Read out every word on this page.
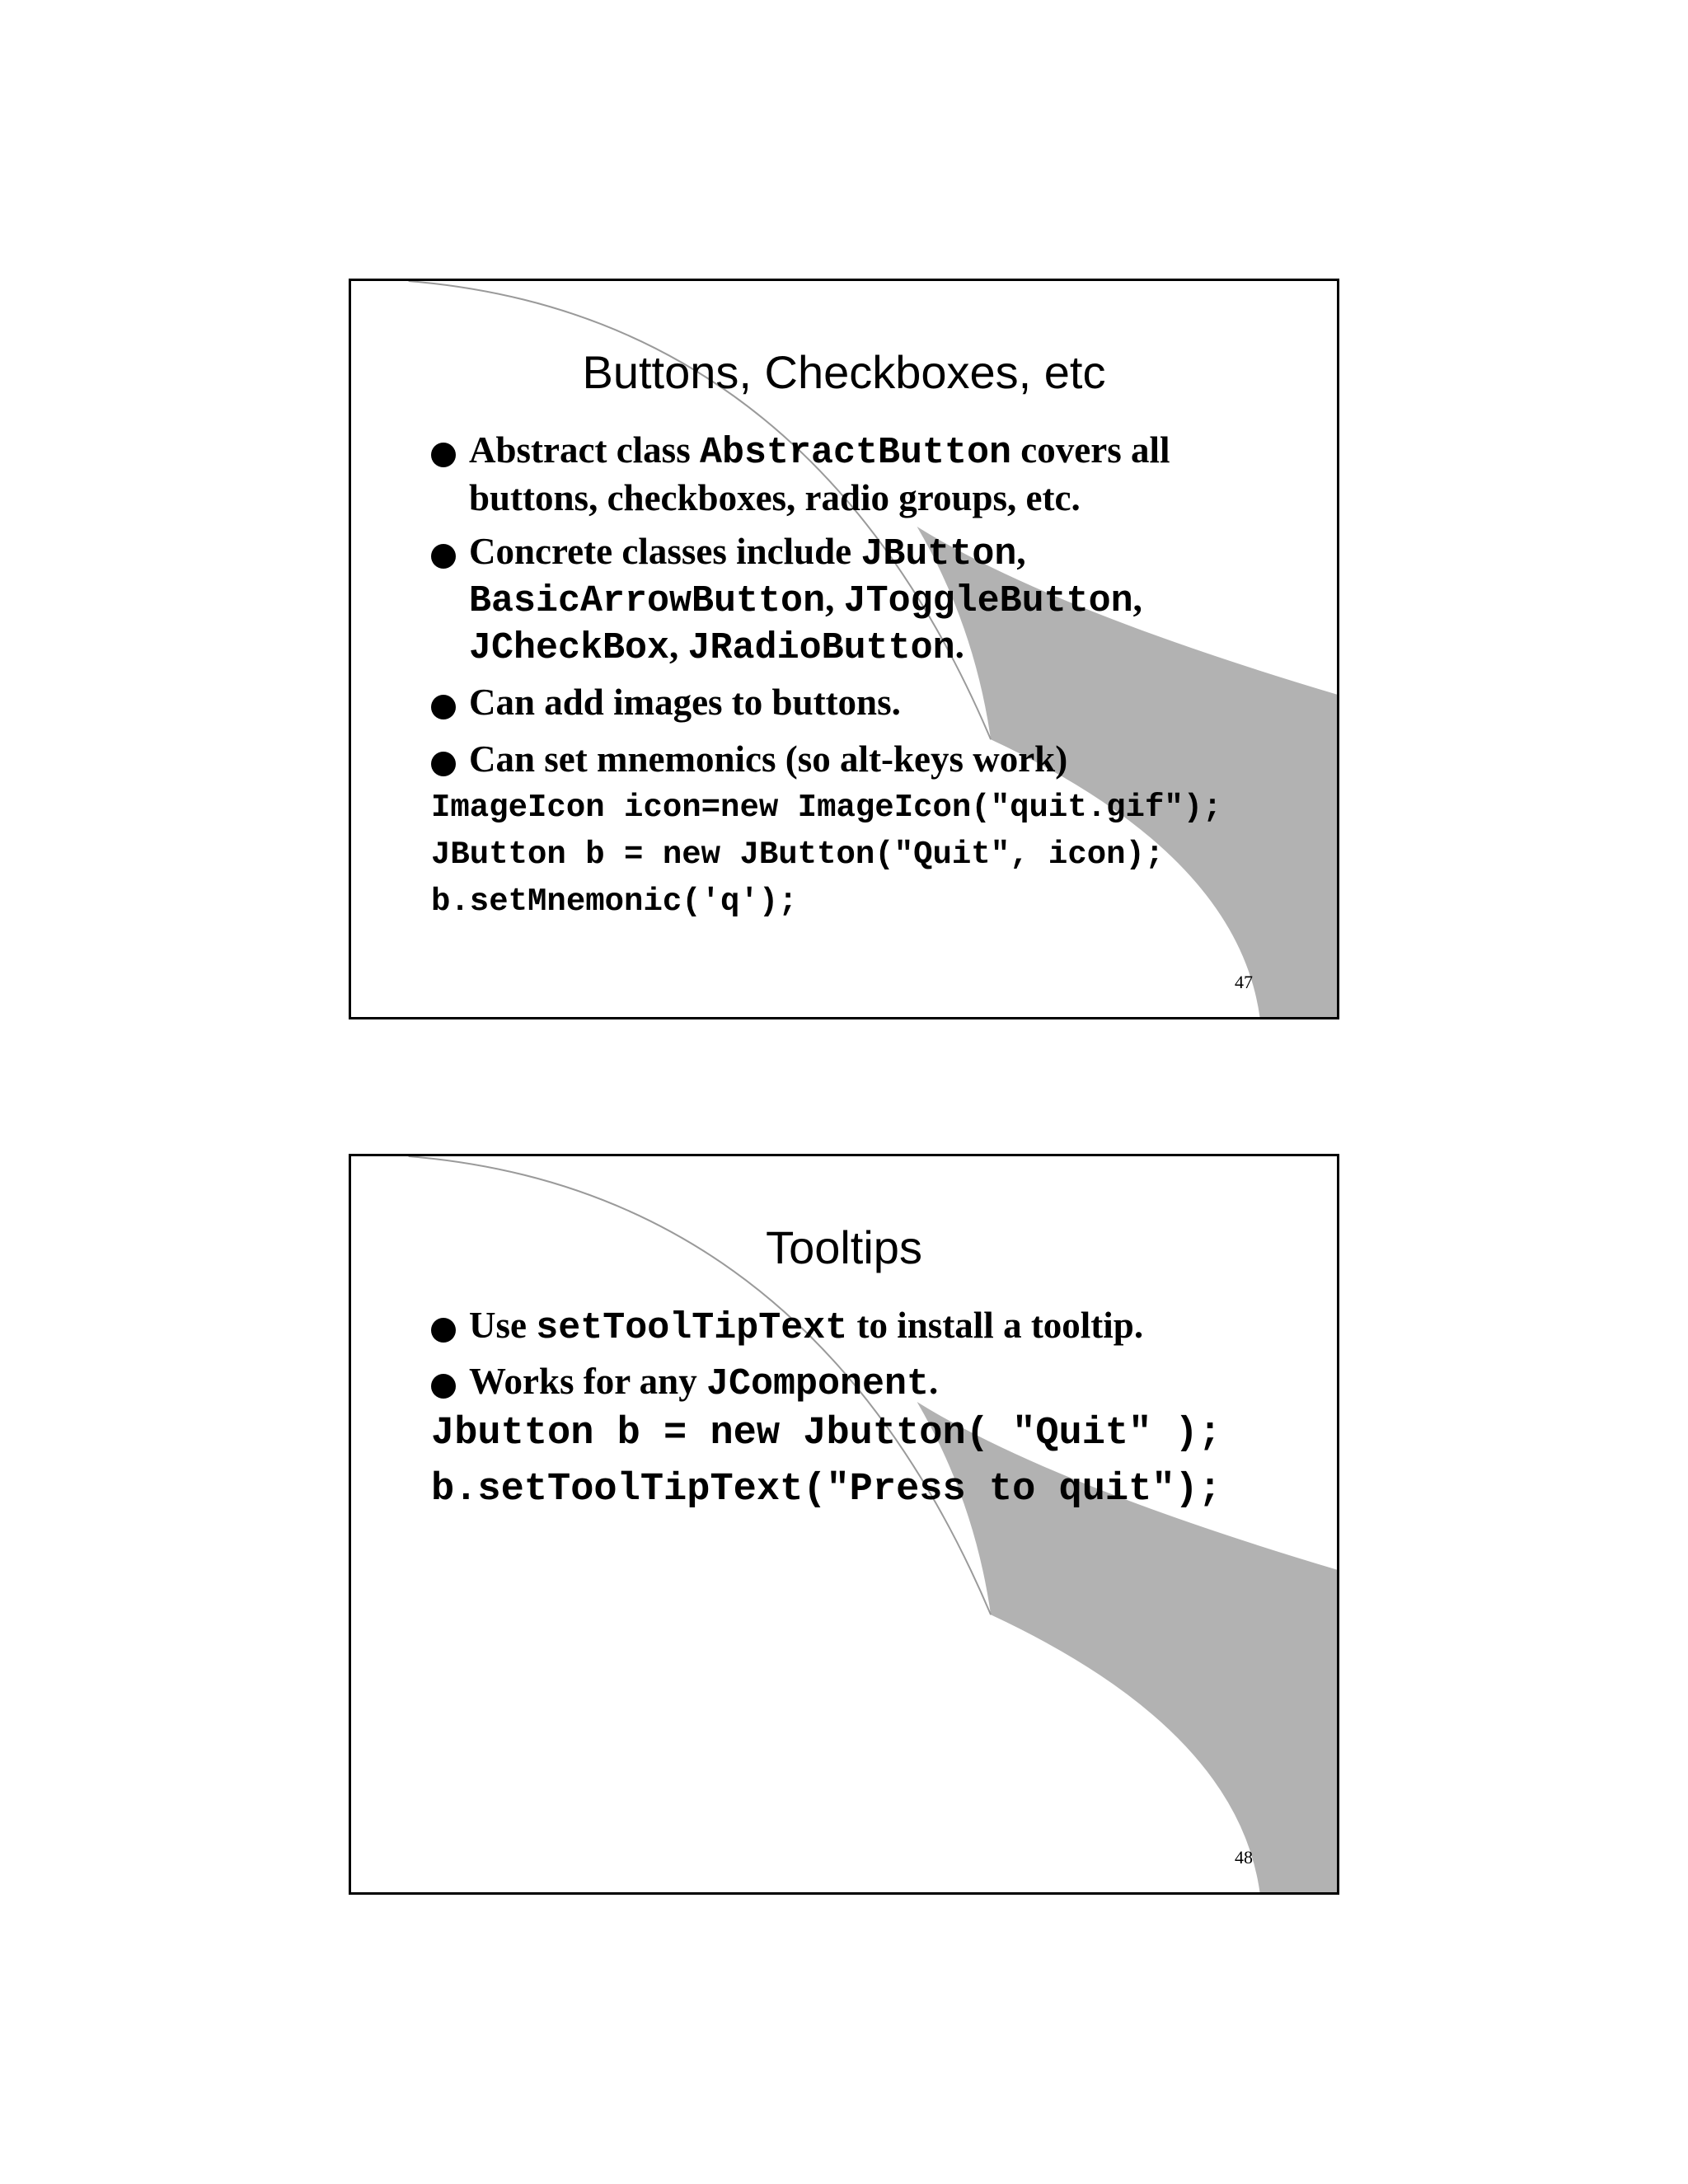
Buttons, Checkboxes, etc
Abstract class AbstractButton covers all
buttons, checkboxes, radio groups, etc.
Concrete classes include JButton,
BasicArrowButton, JToggleButton,
JCheckBox, JRadioButton.
Can add images to buttons.
Can set mnemonics (so alt-keys work)
ImageIcon icon=new ImageIcon("quit.gif");
JButton b = new JButton("Quit", icon);
b.setMnemonic('q');
47
Tooltips
Use setToolTipText to install a tooltip.
Works for any JComponent.
Jbutton b = new Jbutton( "Quit" );
b.setToolTipText("Press to quit");
48
